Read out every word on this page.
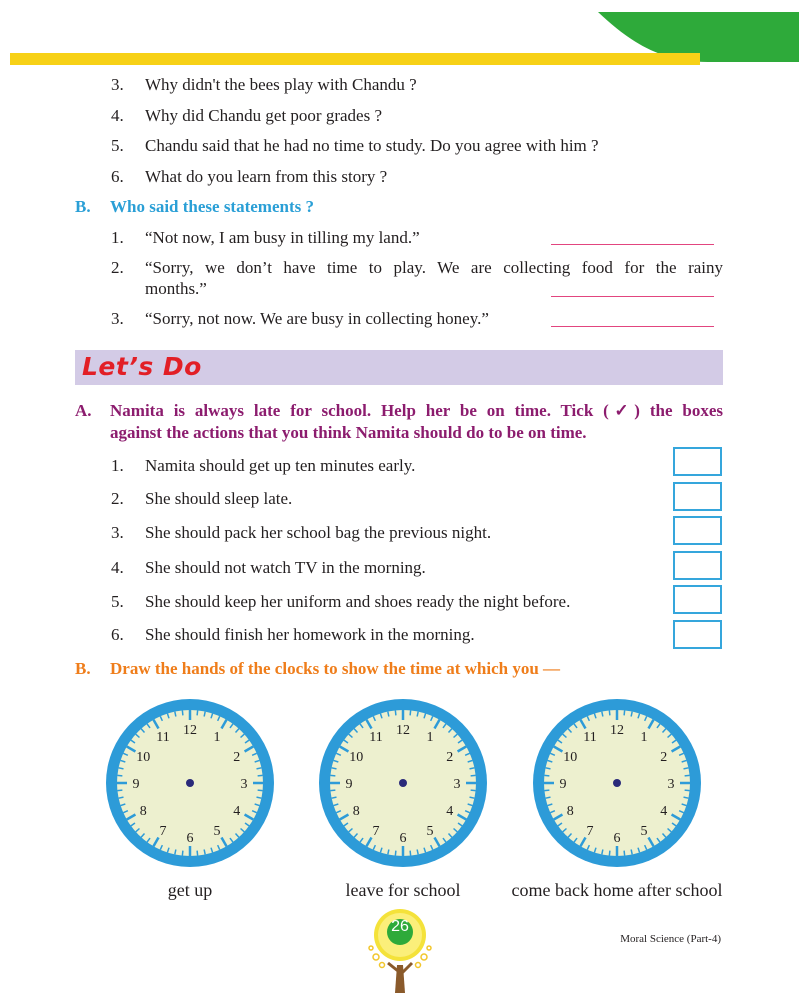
3.	Why didn't the bees play with Chandu ?
4.	Why did Chandu get poor grades ?
5.	Chandu said that he had no time to study. Do you agree with him ?
6.	What do you learn from this story ?
B. Who said these statements ?
1.	“Not now, I am busy in tilling my land.”
2.	“Sorry, we don’t have time to play. We are collecting food for the rainy
months.”
3.	“Sorry, not now. We are busy in collecting honey.”
Let’s Do
A. Namita is always late for school. Help her be on time. Tick (✓) the boxes
against the actions that you think Namita should do to be on time.
1.	Namita should get up ten minutes early.
2.	She should sleep late.
3.	She should pack her school bag the previous night.
4.	She should not watch TV in the morning.
5.	She should keep her uniform and shoes ready the night before.
6.	She should finish her homework in the morning.
B. Draw the hands of the clocks to show the time at which you —
12 1
2
3
4
5
6
7
8
9
10
11	12 1
2
3
4
5
6
7
8
9
10
11	12 1
2
3
4
5
6
7
8
9
10
11
get up	leave for school	come back home after school
26
Moral Science (Part-4)
